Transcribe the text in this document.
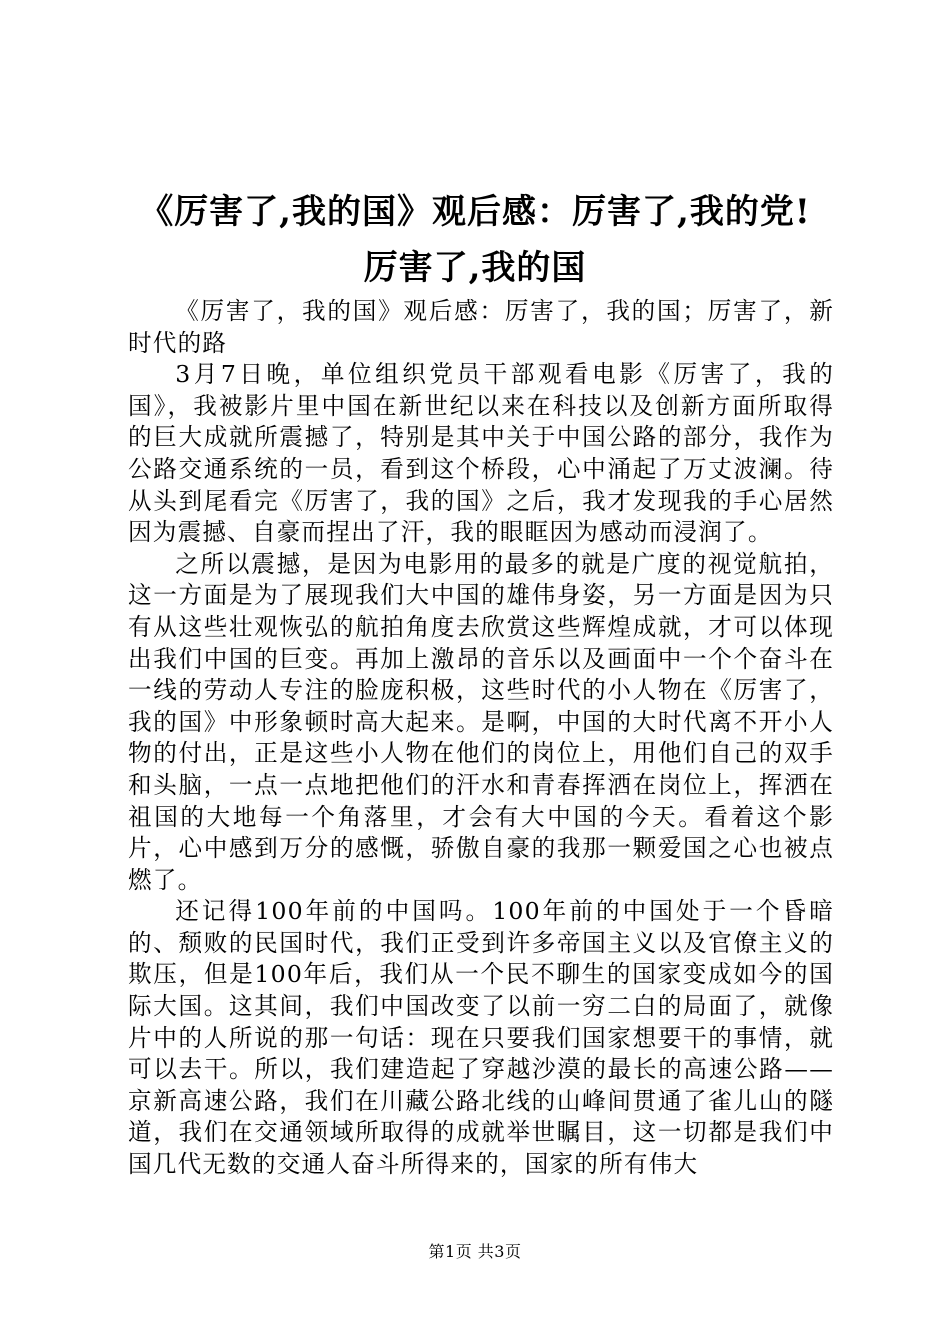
《厉害了,我的国》观后感：厉害了,我的党!
厉害了,我的国

《厉害了，我的国》观后感：厉害了，我的国；厉害了，新时代的路

3月7日晚，单位组织党员干部观看电影《厉害了，我的国》，我被影片里中国在新世纪以来在科技以及创新方面所取得的巨大成就所震撼了，特别是其中关于中国公路的部分，我作为公路交通系统的一员，看到这个桥段，心中涌起了万丈波澜。待从头到尾看完《厉害了，我的国》之后，我才发现我的手心居然因为震撼、自豪而捏出了汗，我的眼眶因为感动而浸润了。

之所以震撼，是因为电影用的最多的就是广度的视觉航拍，这一方面是为了展现我们大中国的雄伟身姿，另一方面是因为只有从这些壮观恢弘的航拍角度去欣赏这些辉煌成就，才可以体现出我们中国的巨变。再加上激昂的音乐以及画面中一个个奋斗在一线的劳动人专注的脸庞积极，这些时代的小人物在《厉害了，我的国》中形象顿时高大起来。是啊，中国的大时代离不开小人物的付出，正是这些小人物在他们的岗位上，用他们自己的双手和头脑，一点一点地把他们的汗水和青春挥洒在岗位上，挥洒在祖国的大地每一个角落里，才会有大中国的今天。看着这个影片，心中感到万分的感慨，骄傲自豪的我那一颗爱国之心也被点燃了。

还记得100年前的中国吗。100年前的中国处于一个昏暗的、颓败的民国时代，我们正受到许多帝国主义以及官僚主义的欺压，但是100年后，我们从一个民不聊生的国家变成如今的国际大国。这其间，我们中国改变了以前一穷二白的局面了，就像片中的人所说的那一句话：现在只要我们国家想要干的事情，就可以去干。所以，我们建造起了穿越沙漠的最长的高速公路——京新高速公路，我们在川藏公路北线的山峰间贯通了雀儿山的隧道，我们在交通领域所取得的成就举世瞩目，这一切都是我们中国几代无数的交通人奋斗所得来的，国家的所有伟大

第1页 共3页
